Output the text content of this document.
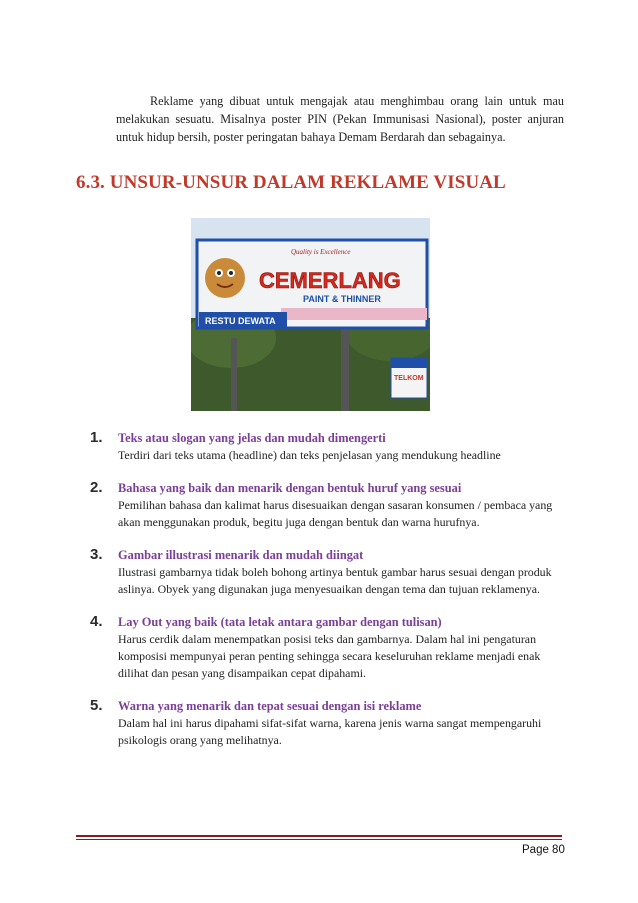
Reklame yang dibuat untuk mengajak atau menghimbau orang lain untuk mau melakukan sesuatu. Misalnya poster PIN (Pekan Immunisasi Nasional), poster anjuran untuk hidup bersih, poster peringatan bahaya Demam Berdarah dan sebagainya.

6.3. UNSUR-UNSUR DALAM REKLAME VISUAL
RESTU DEWATA
Quality is Excellence
CEMERLANG
PAINT & THINNER
TELKOM
1. Teks atau slogan yang jelas dan mudah dimengerti
Terdiri dari teks utama (headline) dan teks penjelasan yang mendukung headline
2. Bahasa yang baik dan menarik dengan bentuk huruf yang sesuai
Pemilihan bahasa dan kalimat harus disesuaikan dengan sasaran konsumen / pembaca yang akan menggunakan produk, begitu juga dengan bentuk dan warna hurufnya.
3. Gambar illustrasi menarik dan mudah diingat
Ilustrasi gambarnya tidak boleh bohong artinya bentuk gambar harus sesuai dengan produk aslinya. Obyek yang digunakan juga menyesuaikan dengan tema dan tujuan reklamenya.
4. Lay Out yang baik (tata letak antara gambar dengan tulisan)
Harus cerdik dalam menempatkan posisi teks dan gambarnya. Dalam hal ini pengaturan komposisi mempunyai peran penting sehingga secara keseluruhan reklame menjadi enak dilihat dan pesan yang disampaikan cepat dipahami.
5. Warna yang menarik dan tepat sesuai dengan isi reklame
Dalam hal ini harus dipahami sifat-sifat warna, karena jenis warna sangat mempengaruhi psikologis orang yang melihatnya.
Page 80
